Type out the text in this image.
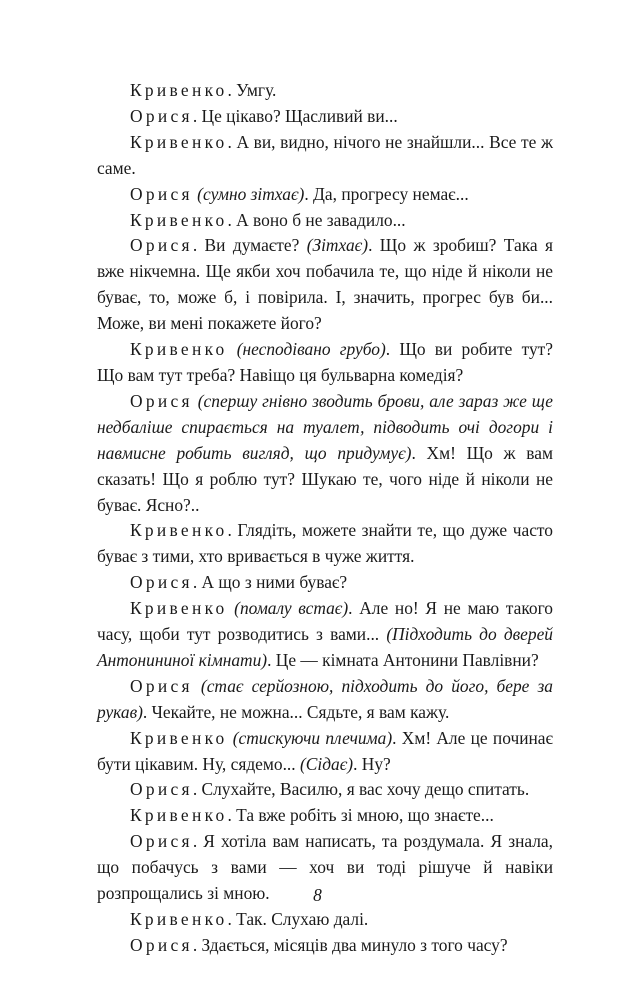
Кривенко. Умгу.

Орися. Це цікаво? Щасливий ви...

Кривенко. А ви, видно, нічого не знайшли... Все те ж саме.

Орися (сумно зітхає). Да, прогресу немає...

Кривенко. А воно б не завадило...

Орися. Ви думаєте? (Зітхає). Що ж зробиш? Така я вже нікчемна. Ще якби хоч побачила те, що ніде й ніколи не буває, то, може б, і повірила. І, значить, прогрес був би... Може, ви мені покажете його?

Кривенко (несподівано грубо). Що ви робите тут? Що вам тут треба? Навіщо ця бульварна комедія?

Орися (спершу гнівно зводить брови, але зараз же ще недбаліше спирається на туалет, підводить очі догори і навмисне робить вигляд, що придумує). Хм! Що ж вам сказать! Що я роблю тут? Шукаю те, чого ніде й ніколи не буває. Ясно?..

Кривенко. Глядіть, можете знайти те, що дуже часто буває з тими, хто вривається в чуже життя.

Орися. А що з ними буває?

Кривенко (помалу встає). Але но! Я не маю такого часу, щоби тут розводитись з вами... (Підходить до дверей Антонининої кімнати). Це — кімната Антонини Павлівни?

Орися (стає серйозною, підходить до його, бере за рукав). Чекайте, не можна... Сядьте, я вам кажу.

Кривенко (стискуючи плечима). Хм! Але це починає бути цікавим. Ну, сядемо... (Сідає). Ну?

Орися. Слухайте, Василю, я вас хочу дещо спитать.

Кривенко. Та вже робіть зі мною, що знаєте...

Орися. Я хотіла вам написать, та роздумала. Я знала, що побачусь з вами — хоч ви тоді рішуче й навіки розпрощались зі мною.

Кривенко. Так. Слухаю далі.

Орися. Здається, місяців два минуло з того часу?

8
